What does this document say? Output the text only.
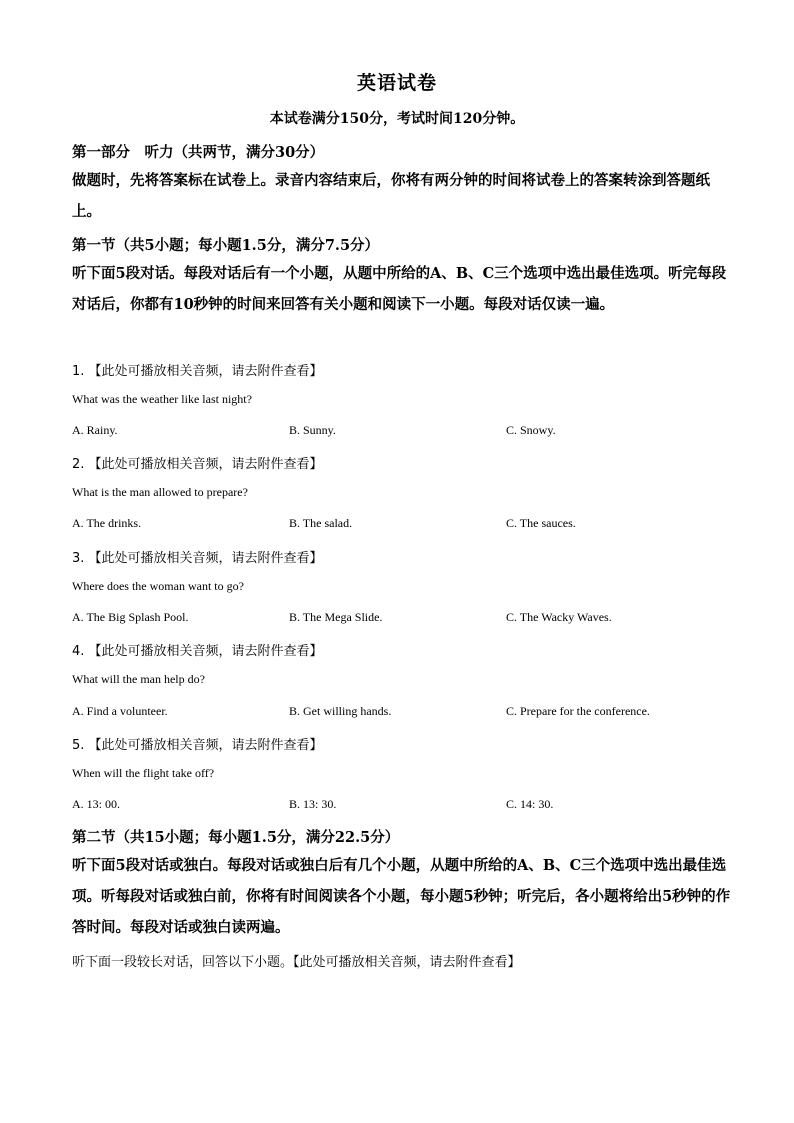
英语试卷
本试卷满分150分，考试时间120分钟。
第一部分　听力（共两节，满分30分）
做题时，先将答案标在试卷上。录音内容结束后，你将有两分钟的时间将试卷上的答案转涂到答题纸上。
第一节（共5小题；每小题1.5分，满分7.5分）
听下面5段对话。每段对话后有一个小题，从题中所给的A、B、C三个选项中选出最佳选项。听完每段对话后，你都有10秒钟的时间来回答有关小题和阅读下一小题。每段对话仅读一遍。
1. 【此处可播放相关音频，请去附件查看】
What was the weather like last night?
A. Rainy.	B. Sunny.	C. Snowy.
2. 【此处可播放相关音频，请去附件查看】
What is the man allowed to prepare?
A. The drinks.	B. The salad.	C. The sauces.
3. 【此处可播放相关音频，请去附件查看】
Where does the woman want to go?
A. The Big Splash Pool.	B. The Mega Slide.	C. The Wacky Waves.
4. 【此处可播放相关音频，请去附件查看】
What will the man help do?
A. Find a volunteer.	B. Get willing hands.	C. Prepare for the conference.
5. 【此处可播放相关音频，请去附件查看】
When will the flight take off?
A. 13: 00.	B. 13: 30.	C. 14: 30.
第二节（共15小题；每小题1.5分，满分22.5分）
听下面5段对话或独白。每段对话或独白后有几个小题，从题中所给的A、B、C三个选项中选出最佳选项。听每段对话或独白前，你将有时间阅读各个小题，每小题5秒钟；听完后，各小题将给出5秒钟的作答时间。每段对话或独白读两遍。
听下面一段较长对话，回答以下小题。【此处可播放相关音频，请去附件查看】
